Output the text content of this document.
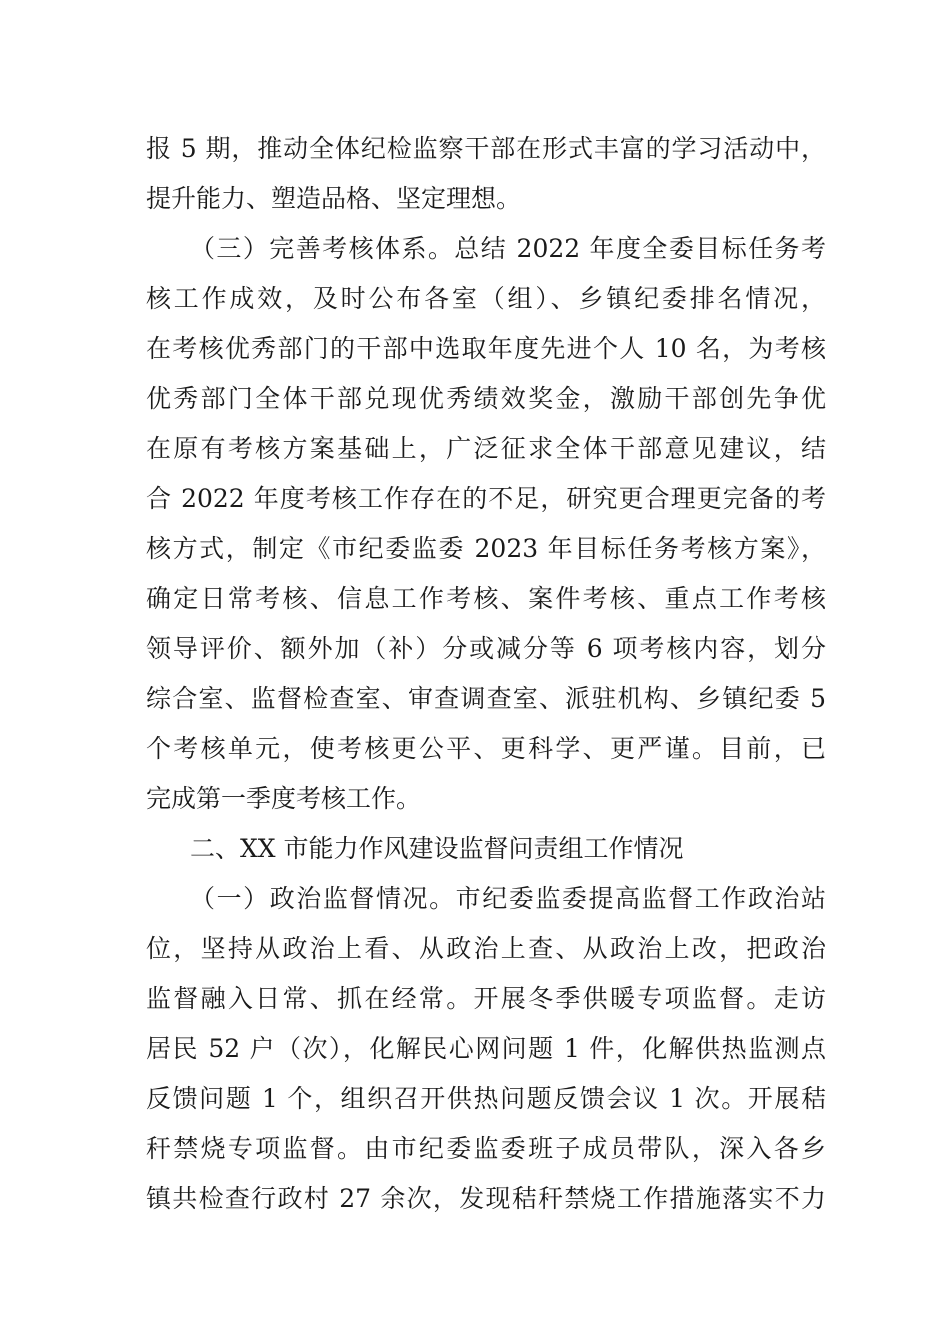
报 5 期，推动全体纪检监察干部在形式丰富的学习活动中，
提升能力、塑造品格、坚定理想。
（三）完善考核体系。总结 2022 年度全委目标任务考
核工作成效，及时公布各室（组）、乡镇纪委排名情况，
在考核优秀部门的干部中选取年度先进个人 10 名，为考核
优秀部门全体干部兑现优秀绩效奖金，激励干部创先争优
在原有考核方案基础上，广泛征求全体干部意见建议，结
合 2022 年度考核工作存在的不足，研究更合理更完备的考
核方式，制定《市纪委监委 2023 年目标任务考核方案》，
确定日常考核、信息工作考核、案件考核、重点工作考核
领导评价、额外加（补）分或减分等 6 项考核内容，划分
综合室、监督检查室、审查调查室、派驻机构、乡镇纪委 5
个考核单元，使考核更公平、更科学、更严谨。目前，已
完成第一季度考核工作。
二、XX 市能力作风建设监督问责组工作情况
（一）政治监督情况。市纪委监委提高监督工作政治站
位，坚持从政治上看、从政治上查、从政治上改，把政治
监督融入日常、抓在经常。开展冬季供暖专项监督。走访
居民 52 户（次），化解民心网问题 1 件，化解供热监测点
反馈问题 1 个，组织召开供热问题反馈会议 1 次。开展秸
秆禁烧专项监督。由市纪委监委班子成员带队，深入各乡
镇共检查行政村 27 余次，发现秸秆禁烧工作措施落实不力
